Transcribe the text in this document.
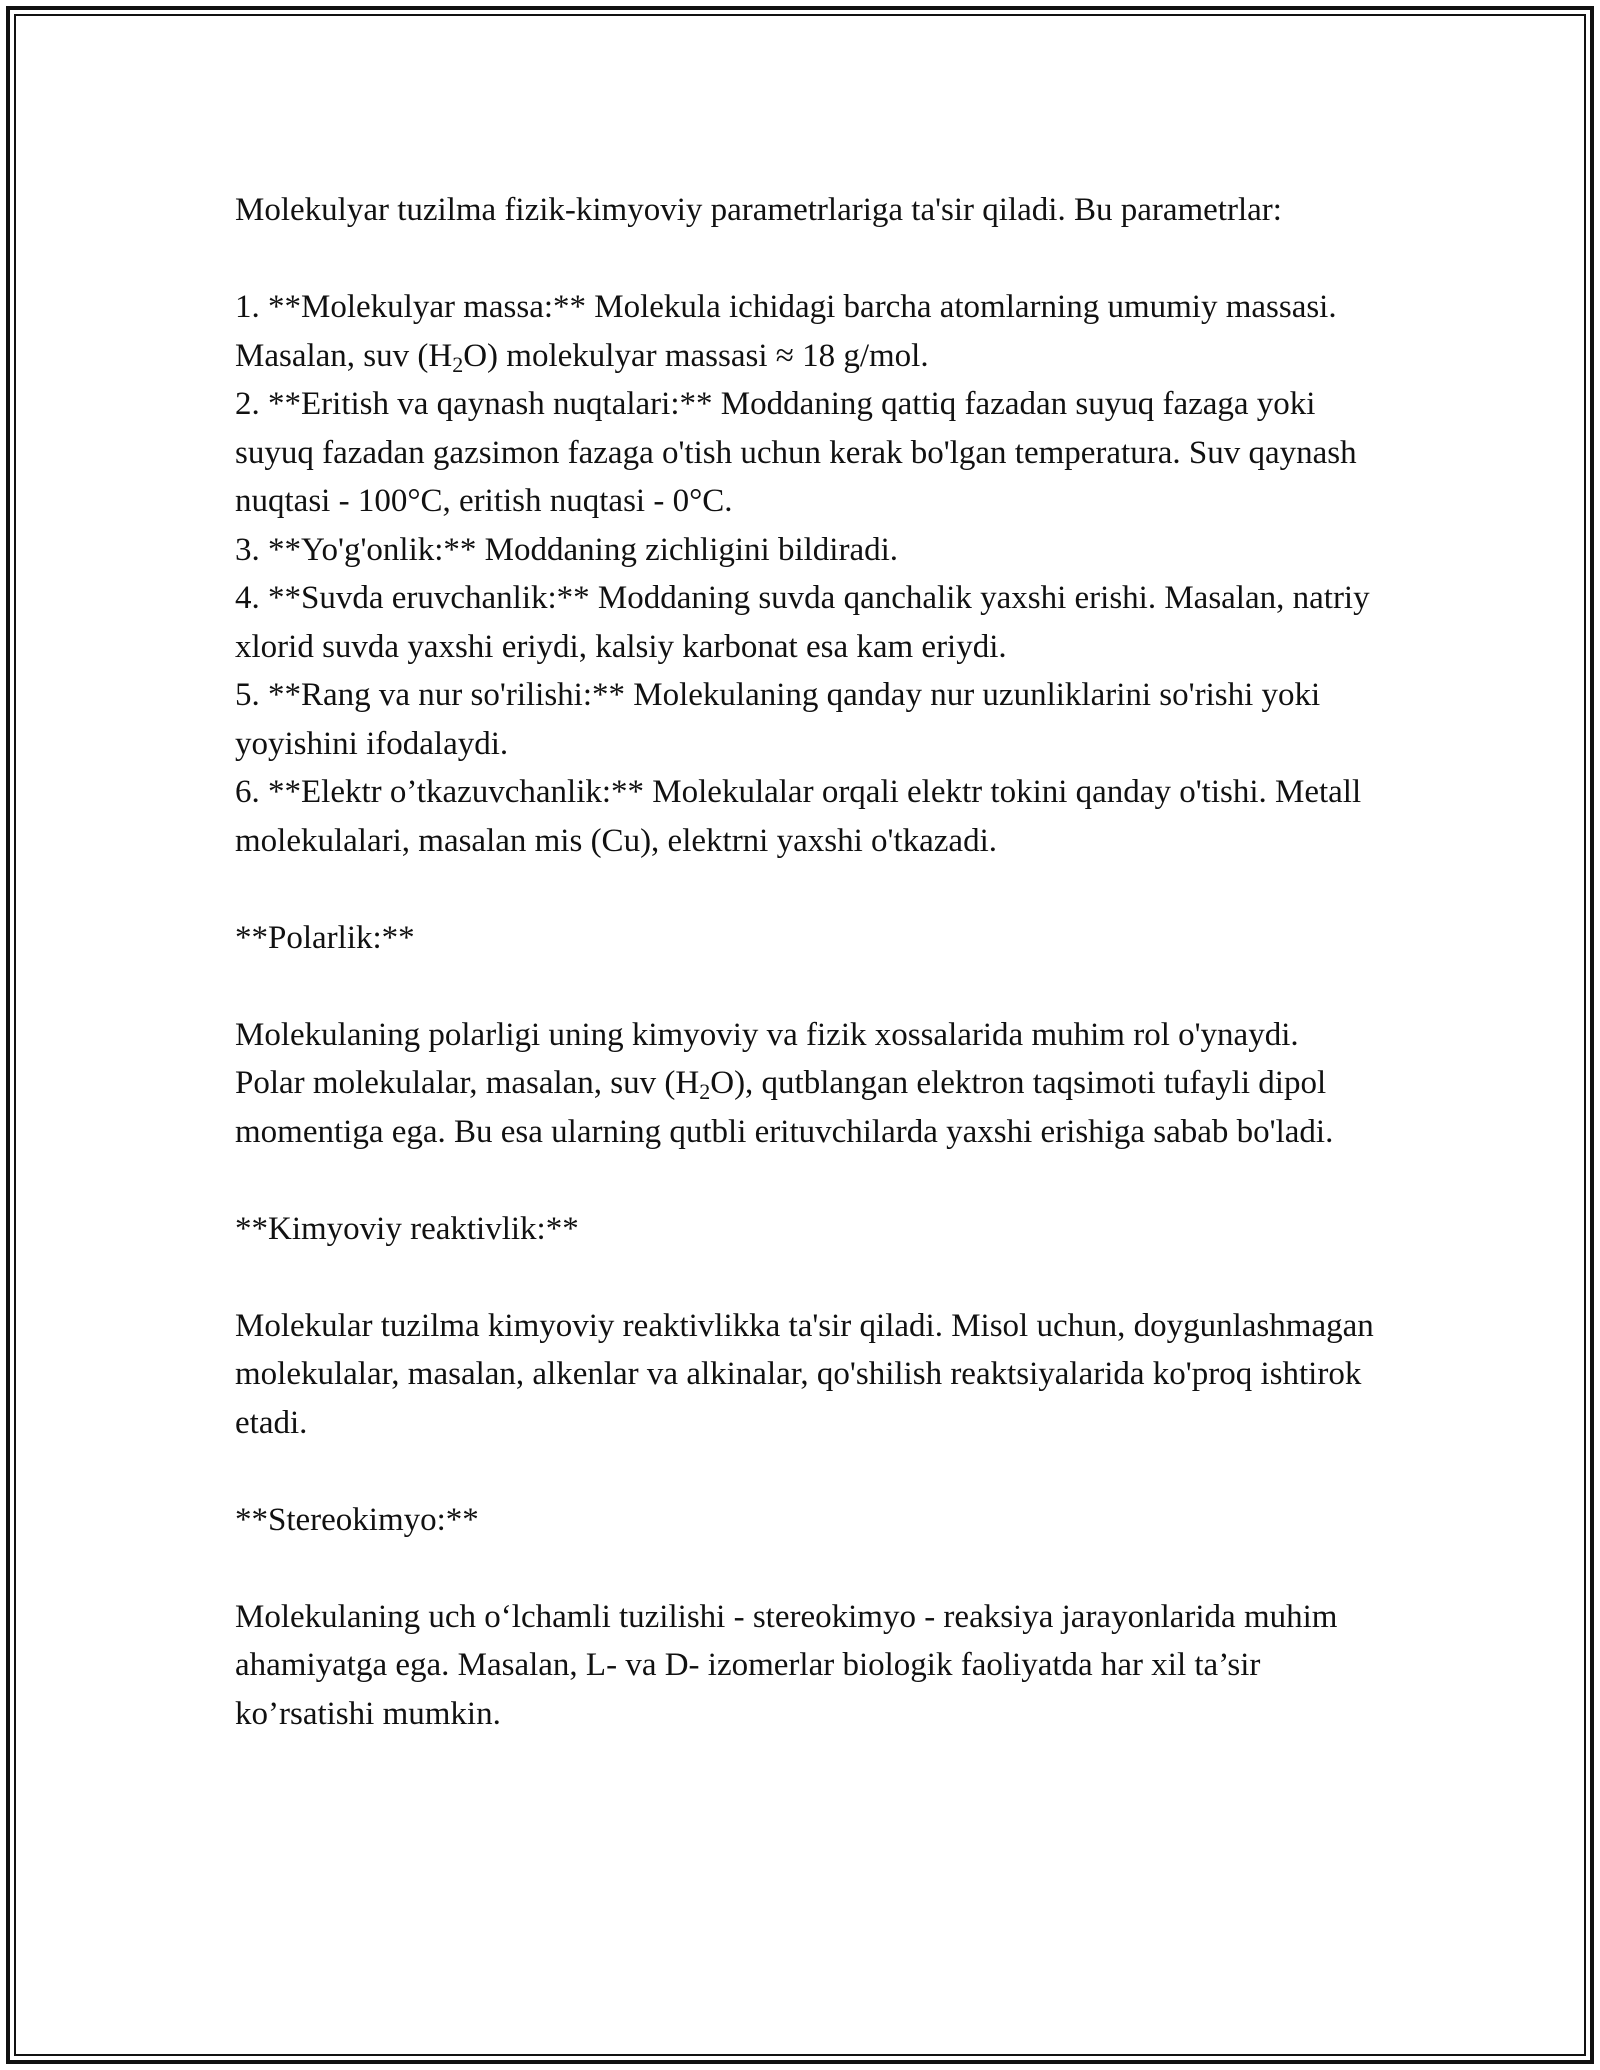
Molekulyar tuzilma fizik-kimyoviy parametrlariga ta'sir qiladi. Bu parametrlar:

1. **Molekulyar massa:** Molekula ichidagi barcha atomlarning umumiy massasi. Masalan, suv $(H_2O)$ molekulyar massasi ≈ 18 g/mol.

2. **Eritish va qaynash nuqtalari:** Moddaning qattiq fazadan suyuq fazaga yoki suyuq fazadan gazsimon fazaga o'tish uchun kerak bo'lgan temperatura. Suv qaynash nuqtasi - 100°C, eritish nuqtasi - 0°C.

3. **Yo'g'onlik:** Moddaning zichligini bildiradi.

4. **Suvda eruvchanlik:** Moddaning suvda qanchalik yaxshi erishi. Masalan, natriy xlorid suvda yaxshi eriydi, kalsiy karbonat esa kam eriydi.

5. **Rang va nur so'rilishi:** Molekulaning qanday nur uzunliklarini so'rishi yoki yoyishini ifodalaydi.

6. **Elektr o’tkazuvchanlik:** Molekulalar orqali elektr tokini qanday o'tishi. Metall molekulalari, masalan mis (Cu), elektrni yaxshi o'tkazadi.

**Polarlik:**

Molekulaning polarligi uning kimyoviy va fizik xossalarida muhim rol o'ynaydi. Polar molekulalar, masalan, suv $(H_2O)$, qutblangan elektron taqsimoti tufayli dipol momentiga ega. Bu esa ularning qutbli erituvchilarda yaxshi erishiga sabab bo'ladi.

**Kimyoviy reaktivlik:**

Molekular tuzilma kimyoviy reaktivlikka ta'sir qiladi. Misol uchun, doygunlashmagan molekulalar, masalan, alkenlar va alkinalar, qo'shilish reaktsiyalarida ko'proq ishtirok etadi.

**Stereokimyo:**

Molekulaning uch o‘lchamli tuzilishi - stereokimyo - reaksiya jarayonlarida muhim ahamiyatga ega. Masalan, L- va D- izomerlar biologik faoliyatda har xil ta’sir ko’rsatishi mumkin.
